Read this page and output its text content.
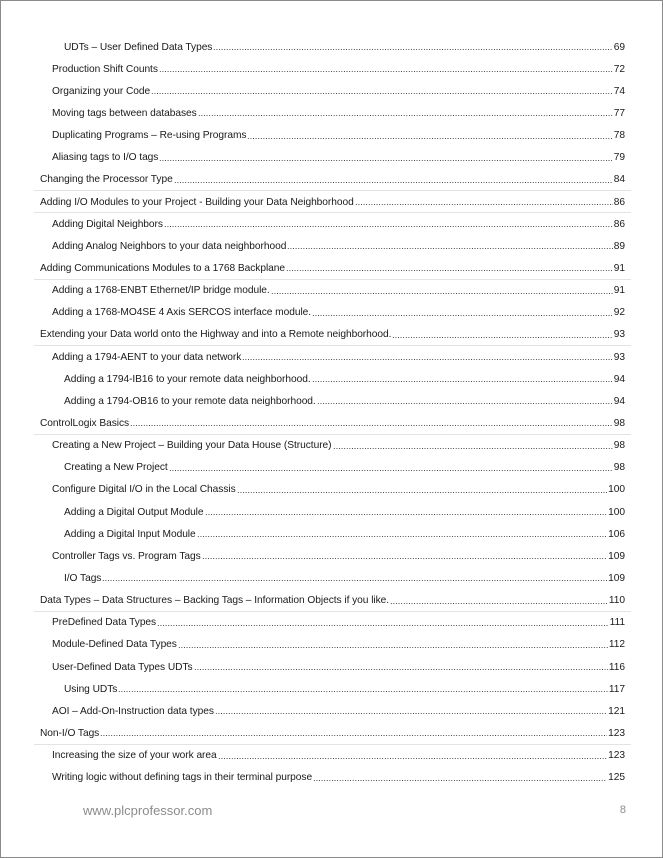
UDTs – User Defined Data Types	69
Production Shift Counts	72
Organizing your Code	74
Moving tags between databases	77
Duplicating Programs – Re-using Programs	78
Aliasing tags to I/O tags	79
Changing the Processor Type	84
Adding I/O Modules to your Project - Building your Data Neighborhood	86
Adding Digital Neighbors	86
Adding Analog Neighbors to your data neighborhood	89
Adding Communications Modules to a 1768 Backplane	91
Adding a 1768-ENBT Ethernet/IP bridge module.	91
Adding a 1768-MO4SE 4 Axis SERCOS interface module.	92
Extending your Data world onto the Highway and into a Remote neighborhood.	93
Adding a 1794-AENT to your data network	93
Adding a 1794-IB16 to your remote data neighborhood.	94
Adding a 1794-OB16 to your remote data neighborhood.	94
ControlLogix Basics	98
Creating a New Project – Building your Data House (Structure)	98
Creating a New Project	98
Configure Digital I/O in the Local Chassis	100
Adding a Digital Output Module	100
Adding a Digital Input Module	106
Controller Tags vs. Program Tags	109
I/O Tags	109
Data Types – Data Structures – Backing Tags – Information Objects if you like.	110
PreDefined Data Types	111
Module-Defined Data Types	112
User-Defined Data Types UDTs	116
Using UDTs	117
AOI – Add-On-Instruction data types	121
Non-I/O Tags	123
Increasing the size of your work area	123
Writing logic without defining tags in their terminal purpose	125
www.plcprofessor.com	8
